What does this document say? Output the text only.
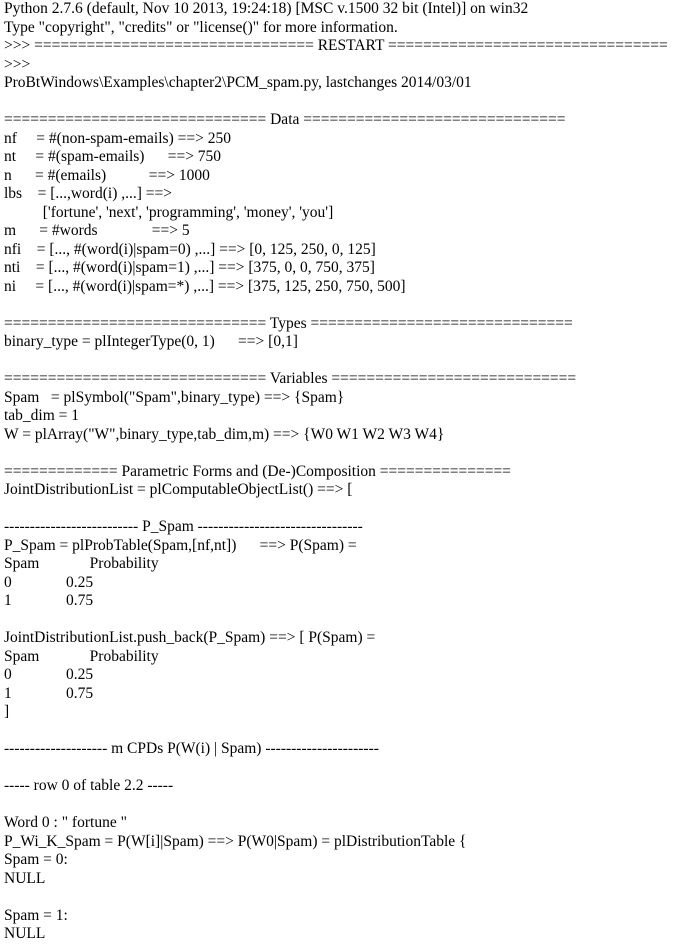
Python 2.7.6 (default, Nov 10 2013, 19:24:18) [MSC v.1500 32 bit (Intel)] on win32
Type "copyright", "credits" or "license()" for more information.
>>> ================================ RESTART ================================
>>>
ProBtWindows\Examples\chapter2\PCM_spam.py, lastchanges 2014/03/01
============================== Data ==============================
nf     = #(non-spam-emails) ==> 250
nt     = #(spam-emails)      ==> 750
n      = #(emails)           ==> 1000
lbs    = [...,word(i) ,...] ==>
['fortune', 'next', 'programming', 'money', 'you']
m      = #words              ==> 5
nfi    = [..., #(word(i)|spam=0) ,...] ==> [0, 125, 250, 0, 125]
nti    = [..., #(word(i)|spam=1) ,...] ==> [375, 0, 0, 750, 375]
ni     = [..., #(word(i)|spam=*) ,...] ==> [375, 125, 250, 750, 500]
============================== Types ==============================
binary_type = plIntegerType(0, 1)      ==> [0,1]
============================== Variables ============================
Spam   = plSymbol("Spam",binary_type) ==> {Spam}
tab_dim = 1
W = plArray("W",binary_type,tab_dim,m) ==> {W0 W1 W2 W3 W4}
============= Parametric Forms and (De-)Composition ===============
JointDistributionList = plComputableObjectList() ==> [
-------------------------- P_Spam --------------------------------
P_Spam = plProbTable(Spam,[nf,nt])      ==> P(Spam) =
Spam             Probability
0              0.25
1              0.75
JointDistributionList.push_back(P_Spam) ==> [ P(Spam) =
Spam             Probability
0              0.25
1              0.75
]
-------------------- m CPDs P(W(i) | Spam) ----------------------
----- row 0 of table 2.2 -----
Word 0 : " fortune "
P_Wi_K_Spam = P(W[i]|Spam) ==> P(W0|Spam) = plDistributionTable {
Spam = 0:
NULL
Spam = 1:
NULL
